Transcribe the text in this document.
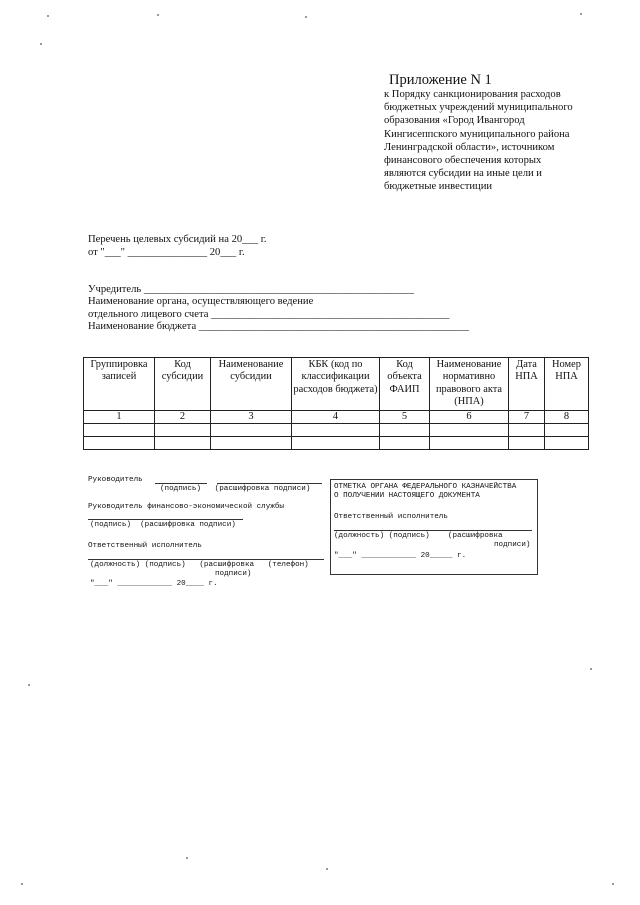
Приложение N 1
к Порядку санкционирования расходов
бюджетных учреждений муниципального
образования «Город Ивангород
Кингисеппского муниципального района
Ленинградской области», источником
финансового обеспечения которых
являются субсидии на иные цели и
бюджетные инвестиции
Перечень целевых субсидий на 20___ г.
от "___" _______________ 20___ г.
Учредитель ___________________________________________________
Наименование органа, осуществляющего ведение
отдельного лицевого счета _____________________________________________
Наименование бюджета ___________________________________________________
Группировка записей	Код субсидии	Наименование субсидии	КБК (код по классификации расходов бюджета)	Код объекта ФАИП	Наименование нормативно правового акта (НПА)	Дата НПА	Номер НПА
1	2	3	4	5	6	7	8

Руководитель
(подпись)   (расшифровка подписи)
Руководитель финансово-экономической службы
(подпись)  (расшифровка подписи)
Ответственный исполнитель
(должность) (подпись)   (расшифровка   (телефон)
подписи)
"___" ____________ 20____ г.
ОТМЕТКА ОРГАНА ФЕДЕРАЛЬНОГО КАЗНАЧЕЙСТВА
О ПОЛУЧЕНИИ НАСТОЯЩЕГО ДОКУМЕНТА
Ответственный исполнитель
(должность) (подпись)    (расшифровка
подписи)
"___" ____________ 20_____ г.
